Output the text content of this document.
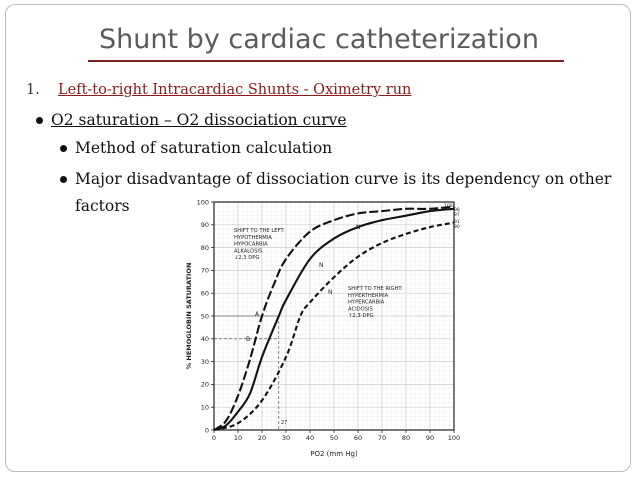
Shunt by cardiac catheterization
1. Left-to-right Intracardiac Shunts - Oximetry run
O2 saturation – O2 dissociation curve
Method of saturation calculation
Major disadvantage of dissociation curve is its dependency on other
factors
0	10 20 30 40 50 60 70 80 90 100
0
10
20
30
40
50
60
70
80
90
100
% HEMOGLOBIN SATURATION
PO2 (mm Hg)
SHIFT TO THE LEFT:
HYPOTHERMIA
HYPOCARBIA
ALKALOSIS
↓2,3 DPG
SHIFT TO THE RIGHT:
HYPERTHERMIA
HYPERCARBIA
ACIDOSIS
↑2,3-DPG
A
B
N
N
N
100
98
97
91
90
27
